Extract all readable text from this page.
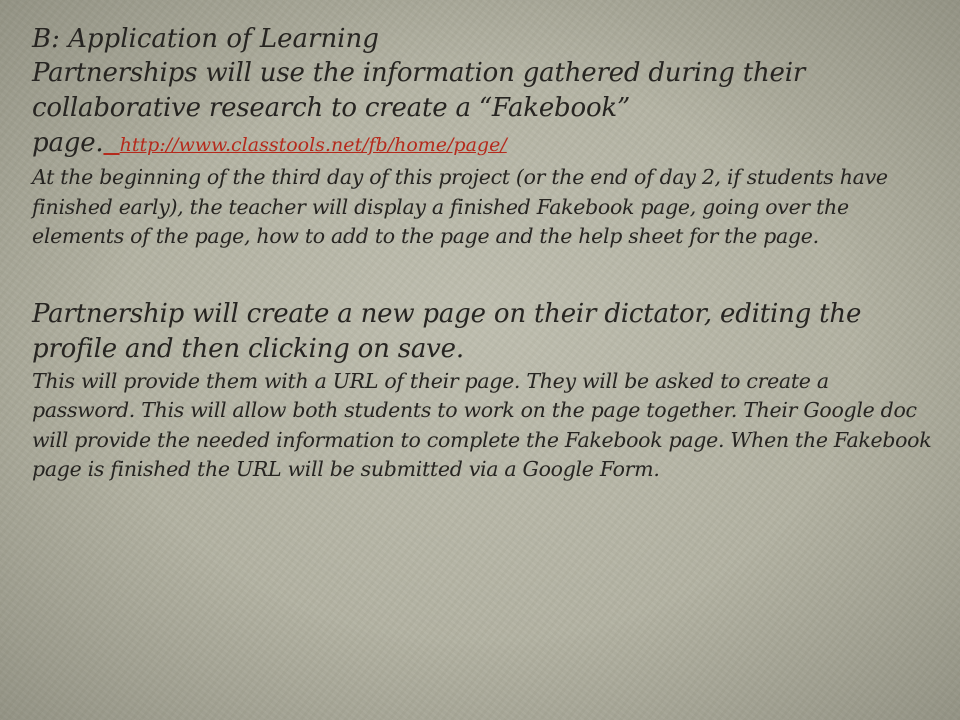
B: Application of Learning

Partnerships will use the information gathered during their collaborative research to create a “Fakebook”
page. http://www.classtools.net/fb/home/page/

At the beginning of the third day of this project (or the end of day 2, if students have finished early), the teacher will display a finished Fakebook page, going over the elements of the page, how to add to the page and the help sheet for the page.

Partnership will create a new page on their dictator, editing the profile and then clicking on save.

This will provide them with a URL of their page. They will be asked to create a password. This will allow both students to work on the page together. Their Google doc will provide the needed information to complete the Fakebook page. When the Fakebook page is finished the URL will be submitted via a Google Form.
